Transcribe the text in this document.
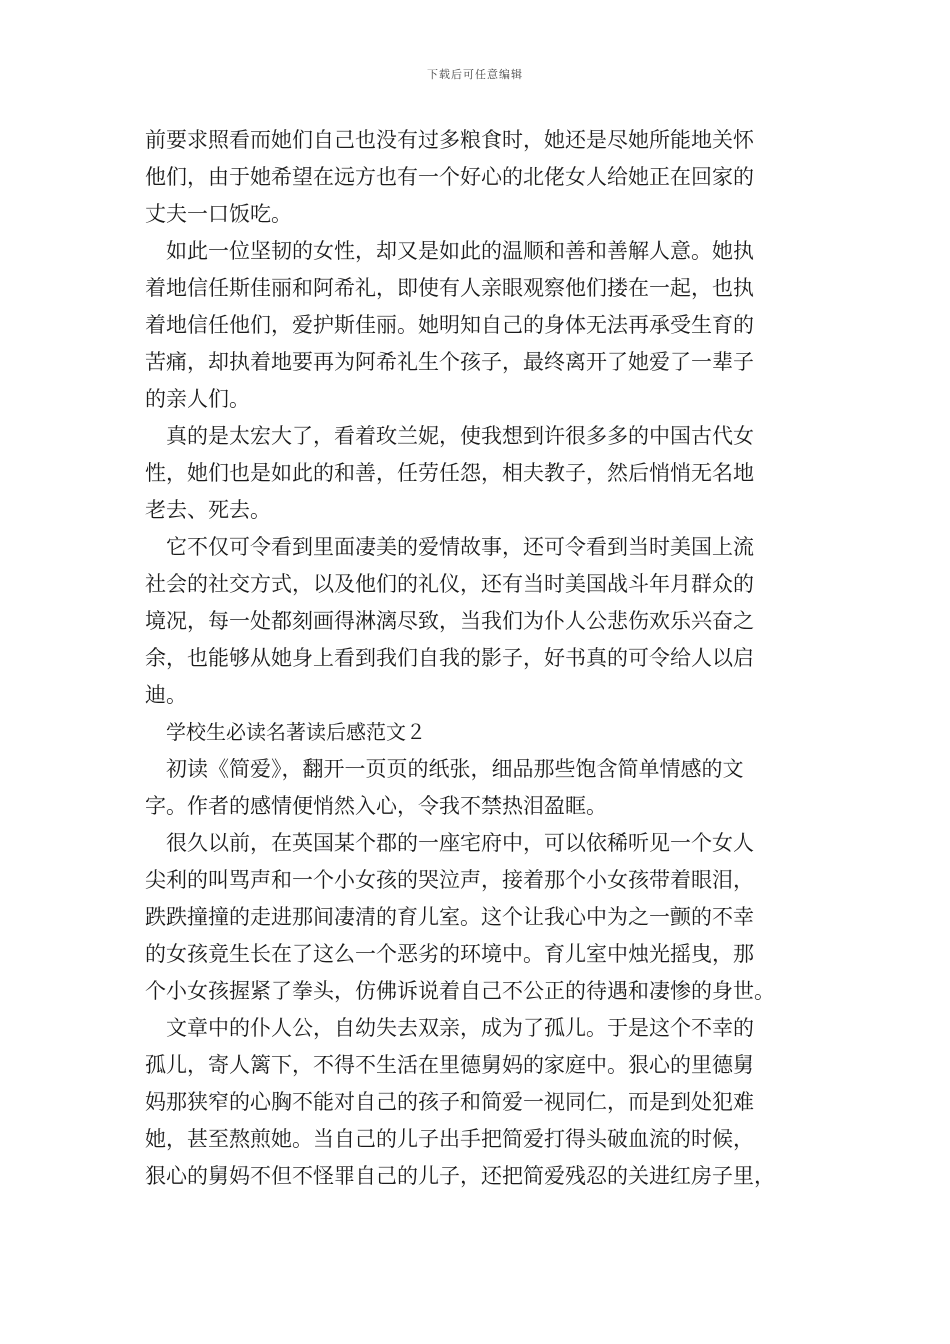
下载后可任意编辑
前要求照看而她们自己也没有过多粮食时，她还是尽她所能地关怀
他们，由于她希望在远方也有一个好心的北佬女人给她正在回家的
丈夫一口饭吃。
如此一位坚韧的女性，却又是如此的温顺和善和善解人意。她执
着地信任斯佳丽和阿希礼，即使有人亲眼观察他们搂在一起，也执
着地信任他们，爱护斯佳丽。她明知自己的身体无法再承受生育的
苦痛，却执着地要再为阿希礼生个孩子，最终离开了她爱了一辈子
的亲人们。
真的是太宏大了，看着玫兰妮，使我想到许很多多的中国古代女
性，她们也是如此的和善，任劳任怨，相夫教子，然后悄悄无名地
老去、死去。
它不仅可令看到里面凄美的爱情故事，还可令看到当时美国上流
社会的社交方式，以及他们的礼仪，还有当时美国战斗年月群众的
境况，每一处都刻画得淋漓尽致，当我们为仆人公悲伤欢乐兴奋之
余，也能够从她身上看到我们自我的影子，好书真的可令给人以启
迪。
学校生必读名著读后感范文２
初读《简爱》，翻开一页页的纸张，细品那些饱含简单情感的文
字。作者的感情便悄然入心，令我不禁热泪盈眶。
很久以前，在英国某个郡的一座宅府中，可以依稀听见一个女人
尖利的叫骂声和一个小女孩的哭泣声，接着那个小女孩带着眼泪，
跌跌撞撞的走进那间凄清的育儿室。这个让我心中为之一颤的不幸
的女孩竟生长在了这么一个恶劣的环境中。育儿室中烛光摇曳，那
个小女孩握紧了拳头，仿佛诉说着自己不公正的待遇和凄惨的身世。
文章中的仆人公，自幼失去双亲，成为了孤儿。于是这个不幸的
孤儿，寄人篱下，不得不生活在里德舅妈的家庭中。狠心的里德舅
妈那狭窄的心胸不能对自己的孩子和简爱一视同仁，而是到处犯难
她，甚至熬煎她。当自己的儿子出手把简爱打得头破血流的时候，
狠心的舅妈不但不怪罪自己的儿子，还把简爱残忍的关进红房子里，
